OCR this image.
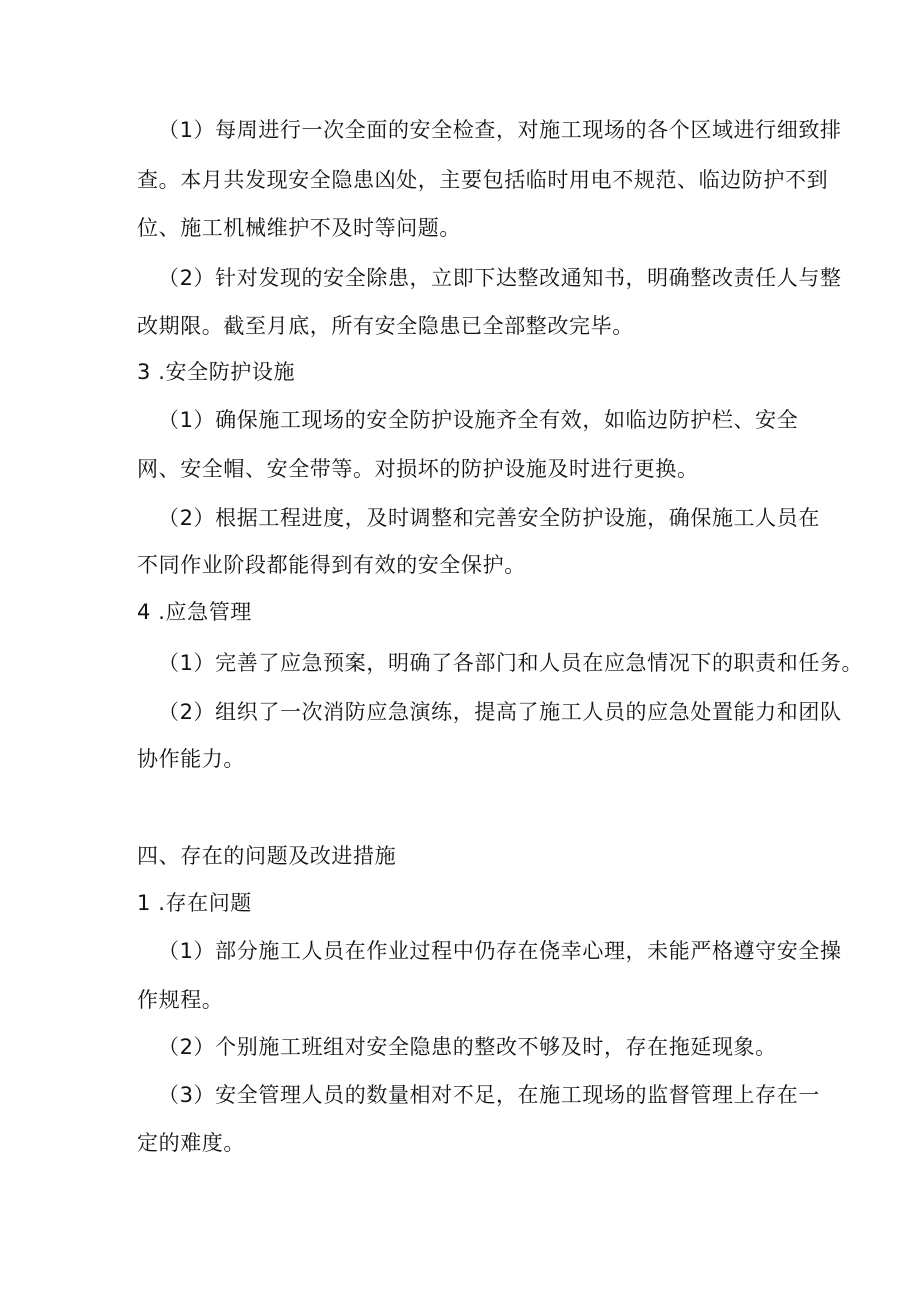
（1）每周进行一次全面的安全检查，对施工现场的各个区域进行细致排
查。本月共发现安全隐患凶处，主要包括临时用电不规范、临边防护不到
位、施工机械维护不及时等问题。
（2）针对发现的安全除患，立即下达整改通知书，明确整改责任人与整
改期限。截至月底，所有安全隐患已全部整改完毕。
3 .安全防护设施
（1）确保施工现场的安全防护设施齐全有效，如临边防护栏、安全
网、安全帽、安全带等。对损坏的防护设施及时进行更换。
（2）根据工程进度，及时调整和完善安全防护设施，确保施工人员在
不同作业阶段都能得到有效的安全保护。
4 .应急管理
（1）完善了应急预案，明确了各部门和人员在应急情况下的职责和任务。
（2）组织了一次消防应急演练，提高了施工人员的应急处置能力和团队
协作能力。
四、存在的问题及改进措施
1 .存在问题
（1）部分施工人员在作业过程中仍存在侥幸心理，未能严格遵守安全操
作规程。
（2）个别施工班组对安全隐患的整改不够及时，存在拖延现象。
（3）安全管理人员的数量相对不足，在施工现场的监督管理上存在一
定的难度。
